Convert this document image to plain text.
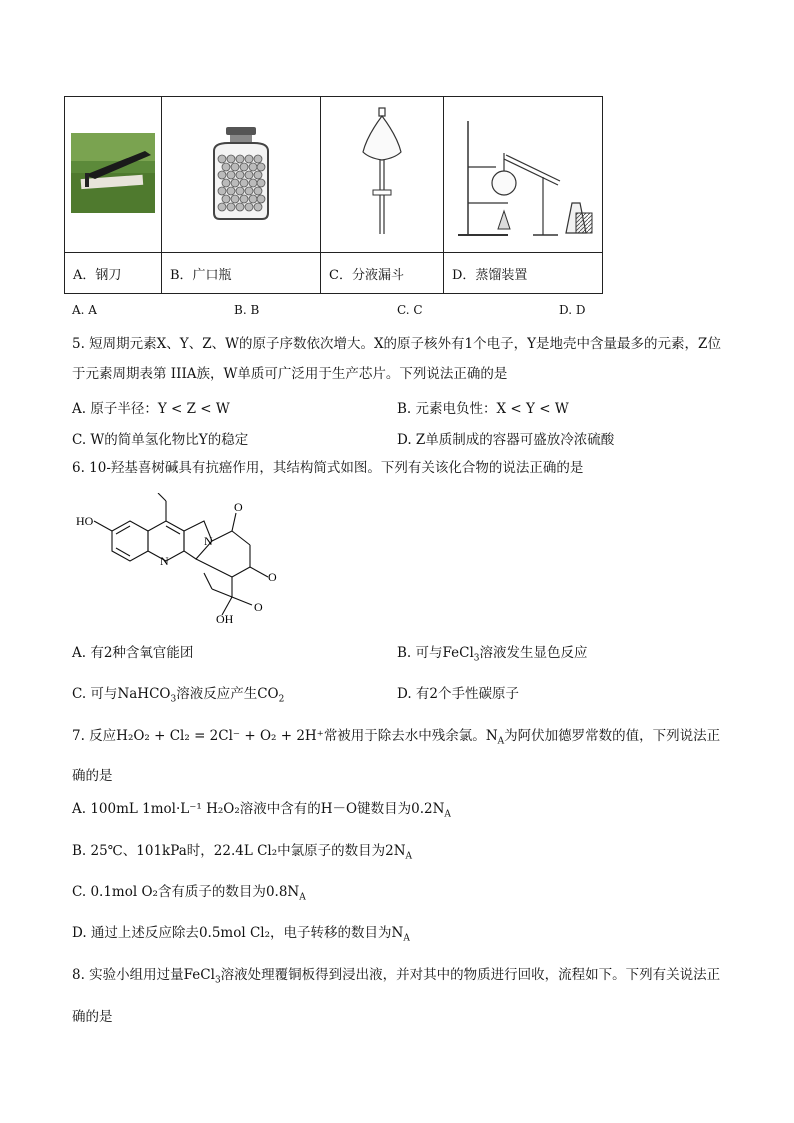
A．钢刀	B．广口瓶	C．分液漏斗	D．蒸馏装置
A. A	B. B	C. C	D. D
5. 短周期元素X、Y、Z、W的原子序数依次增大。X的原子核外有1个电子，Y是地壳中含量最多的元素，Z位于元素周期表第 IIIA族，W单质可广泛用于生产芯片。下列说法正确的是
A. 原子半径：Y < Z < W	B. 元素电负性：X < Y < W
C. W的简单氢化物比Y的稳定	D. Z单质制成的容器可盛放冷浓硫酸
6. 10-羟基喜树碱具有抗癌作用，其结构简式如图。下列有关该化合物的说法正确的是
HO
N
N
O
O
O
OH
A. 有2种含氧官能团	B. 可与FeCl$_3$溶液发生显色反应
C. 可与NaHCO$_3$溶液反应产生$CO_2$	D. 有2个手性碳原子
7. 反应H₂O₂ + Cl₂ = 2Cl⁻ + O₂ + 2H⁺常被用于除去水中残余氯。$N_A$为阿伏加德罗常数的值，下列说法正确的是
A. 100mL 1mol·L⁻¹ H₂O₂溶液中含有的H－O键数目为$0.2N_A$
B. 25℃、101kPa时，22.4L Cl₂中氯原子的数目为$2N_A$
C. 0.1mol O₂含有质子的数目为$0.8N_A$
D. 通过上述反应除去0.5mol Cl₂，电子转移的数目为$N_A$
8. 实验小组用过量FeCl$_3$溶液处理覆铜板得到浸出液，并对其中的物质进行回收，流程如下。下列有关说法正确的是
